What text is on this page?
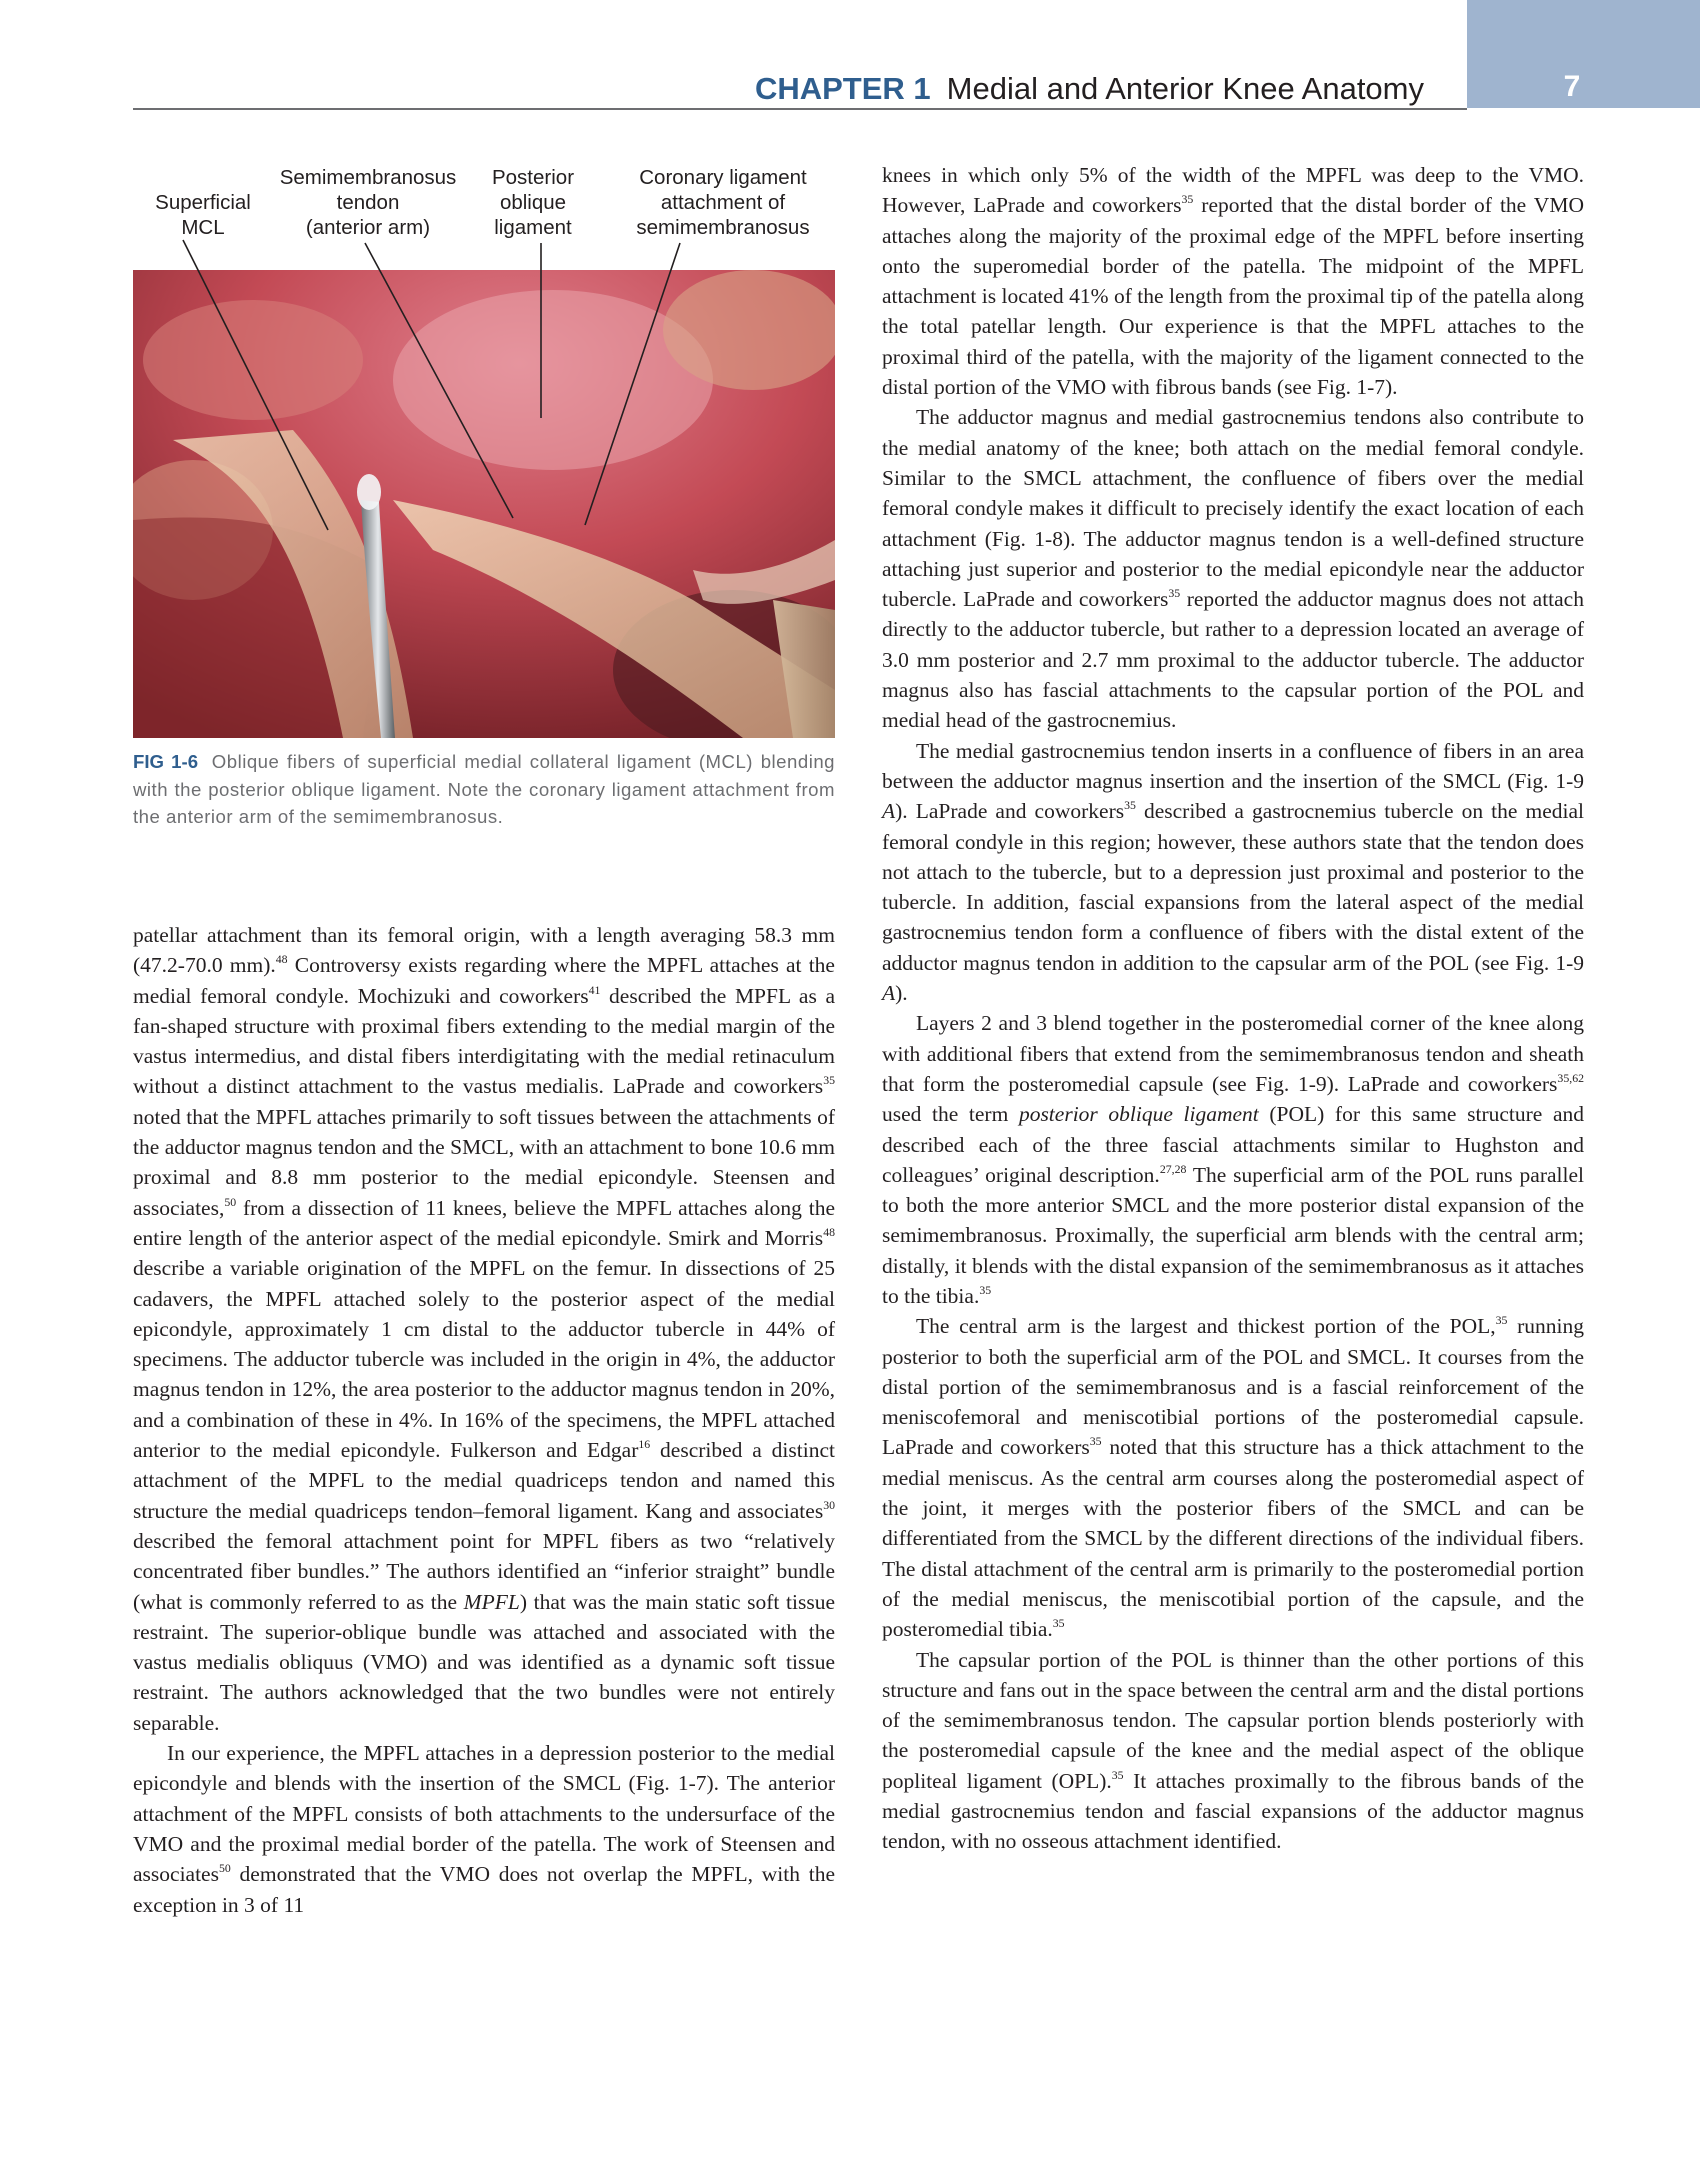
7
CHAPTER 1 Medial and Anterior Knee Anatomy
Superficial
MCL
Semimembranosus
tendon
(anterior arm)
Posterior
oblique
ligament
Coronary ligament
attachment of
semimembranosus
FIG 1-6 Oblique fibers of superficial medial collateral ligament (MCL) blending with the posterior oblique ligament. Note the coronary ligament attachment from the anterior arm of the semimembranosus.

patellar attachment than its femoral origin, with a length averaging 58.3 mm (47.2-70.0 mm).$^{48}$ Controversy exists regarding where the MPFL attaches at the medial femoral condyle. Mochizuki and coworkers$^{41}$ described the MPFL as a fan-shaped structure with proximal fibers extending to the medial margin of the vastus intermedius, and distal fibers interdigitating with the medial retinaculum without a distinct attachment to the vastus medialis. LaPrade and coworkers$^{35}$ noted that the MPFL attaches primarily to soft tissues between the attachments of the adductor magnus tendon and the SMCL, with an attachment to bone 10.6 mm proximal and 8.8 mm posterior to the medial epicondyle. Steensen and associates,$^{50}$ from a dissection of 11 knees, believe the MPFL attaches along the entire length of the anterior aspect of the medial epicondyle. Smirk and Morris$^{48}$ describe a variable origination of the MPFL on the femur. In dissections of 25 cadavers, the MPFL attached solely to the posterior aspect of the medial epicondyle, approximately 1 cm distal to the adductor tubercle in 44% of specimens. The adductor tubercle was included in the origin in 4%, the adductor magnus tendon in 12%, the area posterior to the adductor magnus tendon in 20%, and a combination of these in 4%. In 16% of the specimens, the MPFL attached anterior to the medial epicondyle. Fulkerson and Edgar$^{16}$ described a distinct attachment of the MPFL to the medial quadriceps tendon and named this structure the medial quadriceps tendon–femoral ligament. Kang and associates$^{30}$ described the femoral attachment point for MPFL fibers as two “relatively concentrated fiber bundles.” The authors identified an “inferior straight” bundle (what is commonly referred to as the MPFL) that was the main static soft tissue restraint. The superior-oblique bundle was attached and associated with the vastus medialis obliquus (VMO) and was identified as a dynamic soft tissue restraint. The authors acknowledged that the two bundles were not entirely separable.

In our experience, the MPFL attaches in a depression posterior to the medial epicondyle and blends with the insertion of the SMCL (Fig. 1-7). The anterior attachment of the MPFL consists of both attachments to the undersurface of the VMO and the proximal medial border of the patella. The work of Steensen and associates$^{50}$ demonstrated that the VMO does not overlap the MPFL, with the exception in 3 of 11

knees in which only 5% of the width of the MPFL was deep to the VMO. However, LaPrade and coworkers$^{35}$ reported that the distal border of the VMO attaches along the majority of the proximal edge of the MPFL before inserting onto the superomedial border of the patella. The midpoint of the MPFL attachment is located 41% of the length from the proximal tip of the patella along the total patellar length. Our experience is that the MPFL attaches to the proximal third of the patella, with the majority of the ligament connected to the distal portion of the VMO with fibrous bands (see Fig. 1-7).

The adductor magnus and medial gastrocnemius tendons also contribute to the medial anatomy of the knee; both attach on the medial femoral condyle. Similar to the SMCL attachment, the confluence of fibers over the medial femoral condyle makes it difficult to precisely identify the exact location of each attachment (Fig. 1-8). The adductor magnus tendon is a well-defined structure attaching just superior and posterior to the medial epicondyle near the adductor tubercle. LaPrade and coworkers$^{35}$ reported the adductor magnus does not attach directly to the adductor tubercle, but rather to a depression located an average of 3.0 mm posterior and 2.7 mm proximal to the adductor tubercle. The adductor magnus also has fascial attachments to the capsular portion of the POL and medial head of the gastrocnemius.

The medial gastrocnemius tendon inserts in a confluence of fibers in an area between the adductor magnus insertion and the insertion of the SMCL (Fig. 1-9 A). LaPrade and coworkers$^{35}$ described a gastrocnemius tubercle on the medial femoral condyle in this region; however, these authors state that the tendon does not attach to the tubercle, but to a depression just proximal and posterior to the tubercle. In addition, fascial expansions from the lateral aspect of the medial gastrocnemius tendon form a confluence of fibers with the distal extent of the adductor magnus tendon in addition to the capsular arm of the POL (see Fig. 1-9 A).

Layers 2 and 3 blend together in the posteromedial corner of the knee along with additional fibers that extend from the semimembranosus tendon and sheath that form the posteromedial capsule (see Fig. 1-9). LaPrade and coworkers$^{35,62}$ used the term posterior oblique ligament (POL) for this same structure and described each of the three fascial attachments similar to Hughston and colleagues’ original description.$^{27,28}$ The superficial arm of the POL runs parallel to both the more anterior SMCL and the more posterior distal expansion of the semimembranosus. Proximally, the superficial arm blends with the central arm; distally, it blends with the distal expansion of the semimembranosus as it attaches to the tibia.$^{35}$

The central arm is the largest and thickest portion of the POL,$^{35}$ running posterior to both the superficial arm of the POL and SMCL. It courses from the distal portion of the semimembranosus and is a fascial reinforcement of the meniscofemoral and meniscotibial portions of the posteromedial capsule. LaPrade and coworkers$^{35}$ noted that this structure has a thick attachment to the medial meniscus. As the central arm courses along the posteromedial aspect of the joint, it merges with the posterior fibers of the SMCL and can be differentiated from the SMCL by the different directions of the individual fibers. The distal attachment of the central arm is primarily to the posteromedial portion of the medial meniscus, the meniscotibial portion of the capsule, and the posteromedial tibia.$^{35}$

The capsular portion of the POL is thinner than the other portions of this structure and fans out in the space between the central arm and the distal portions of the semimembranosus tendon. The capsular portion blends posteriorly with the posteromedial capsule of the knee and the medial aspect of the oblique popliteal ligament (OPL).$^{35}$ It attaches proximally to the fibrous bands of the medial gastrocnemius tendon and fascial expansions of the adductor magnus tendon, with no osseous attachment identified.
